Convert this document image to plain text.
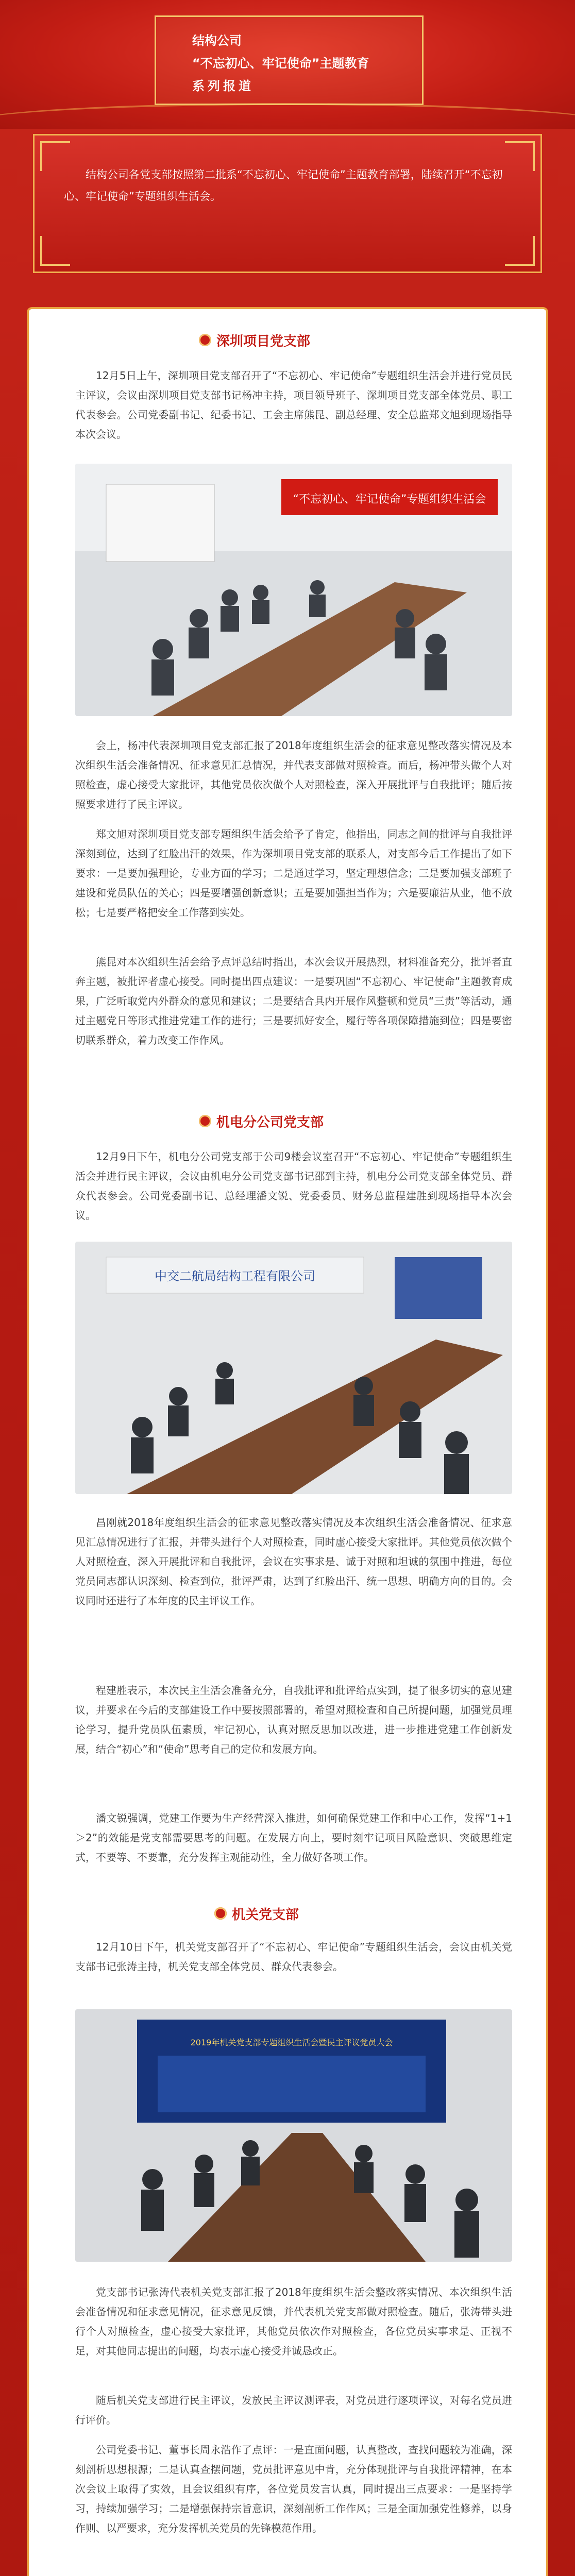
结构公司
“不忘初心、牢记使命”主题教育
系列报道

结构公司各党支部按照第二批系“不忘初心、牢记使命”主题教育部署，陆续召开“不忘初心、牢记使命”专题组织生活会。

深圳项目党支部

12月5日上午，深圳项目党支部召开了“不忘初心、牢记使命”专题组织生活会并进行党员民主评议，会议由深圳项目党支部书记杨冲主持，项目领导班子、深圳项目党支部全体党员、职工代表参会。公司党委副书记、纪委书记、工会主席熊昆、副总经理、安全总监郑文旭到现场指导本次会议。

“不忘初心、牢记使命”专题组织生活会

会上，杨冲代表深圳项目党支部汇报了2018年度组织生活会的征求意见整改落实情况及本次组织生活会准备情况、征求意见汇总情况，并代表支部做对照检查。而后，杨冲带头做个人对照检查，虚心接受大家批评，其他党员依次做个人对照检查，深入开展批评与自我批评；随后按照要求进行了民主评议。

郑文旭对深圳项目党支部专题组织生活会给予了肯定，他指出，同志之间的批评与自我批评深刻到位，达到了红脸出汗的效果，作为深圳项目党支部的联系人，对支部今后工作提出了如下要求：一是要加强理论，专业方面的学习；二是通过学习，坚定理想信念；三是要加强支部班子建设和党员队伍的关心；四是要增强创新意识；五是要加强担当作为；六是要廉洁从业，他不放松；七是要严格把安全工作落到实处。

熊昆对本次组织生活会给予点评总结时指出，本次会议开展热烈，材料准备充分，批评者直奔主题，被批评者虚心接受。同时提出四点建议：一是要巩固“不忘初心、牢记使命”主题教育成果，广泛听取党内外群众的意见和建议；二是要结合具内开展作风整顿和党员“三责”等活动，通过主题党日等形式推进党建工作的进行；三是要抓好安全，履行等各项保障措施到位；四是要密切联系群众，着力改变工作作风。

机电分公司党支部

12月9日下午，机电分公司党支部于公司9楼会议室召开“不忘初心、牢记使命”专题组织生活会并进行民主评议，会议由机电分公司党支部书记邵到主持，机电分公司党支部全体党员、群众代表参会。公司党委副书记、总经理潘文锐、党委委员、财务总监程建胜到现场指导本次会议。

中交二航局结构工程有限公司

昌刚就2018年度组织生活会的征求意见整改落实情况及本次组织生活会准备情况、征求意见汇总情况进行了汇报，并带头进行个人对照检查，同时虚心接受大家批评。其他党员依次做个人对照检查，深入开展批评和自我批评，会议在实事求是、诚于对照和坦诚的氛围中推进，每位党员同志都认识深刻、检查到位，批评严肃，达到了红脸出汗、统一思想、明确方向的目的。会议同时还进行了本年度的民主评议工作。

程建胜表示，本次民主生活会准备充分，自我批评和批评给点实到，提了很多切实的意见建议，并要求在今后的支部建设工作中要按照部署的，希望对照检查和自己所提问题，加强党员理论学习，提升党员队伍素质，牢记初心，认真对照反思加以改进，进一步推进党建工作创新发展，结合“初心”和“使命”思考自己的定位和发展方向。

潘文锐强调，党建工作要为生产经营深入推进，如何确保党建工作和中心工作，发挥“1+1＞2”的效能是党支部需要思考的问题。在发展方向上，要时刻牢记项目风险意识、突破思维定式，不要等、不要靠，充分发挥主观能动性，全力做好各项工作。

机关党支部

12月10日下午，机关党支部召开了“不忘初心、牢记使命”专题组织生活会，会议由机关党支部书记张涛主持，机关党支部全体党员、群众代表参会。

2019年机关党支部专题组织生活会暨民主评议党员大会

党支部书记张涛代表机关党支部汇报了2018年度组织生活会整改落实情况、本次组织生活会准备情况和征求意见情况，征求意见反馈，并代表机关党支部做对照检查。随后，张涛带头进行个人对照检查，虚心接受大家批评，其他党员依次作对照检查，各位党员实事求是、正视不足，对其他同志提出的问题，均表示虚心接受并诚恳改正。

随后机关党支部进行民主评议，发放民主评议测评表，对党员进行逐项评议，对每名党员进行评价。

公司党委书记、董事长周永浩作了点评：一是直面问题，认真整改，查找问题较为准确，深刻剖析思想根源；二是认真查摆问题，党员批评意见中肯，充分体现批评与自我批评精神，在本次会议上取得了实效，且会议组织有序，各位党员发言认真，同时提出三点要求：一是坚持学习，持续加强学习；二是增强保持宗旨意识，深刻剖析工作作风；三是全面加强党性修养，以身作则、以严要求，充分发挥机关党员的先锋模范作用。
